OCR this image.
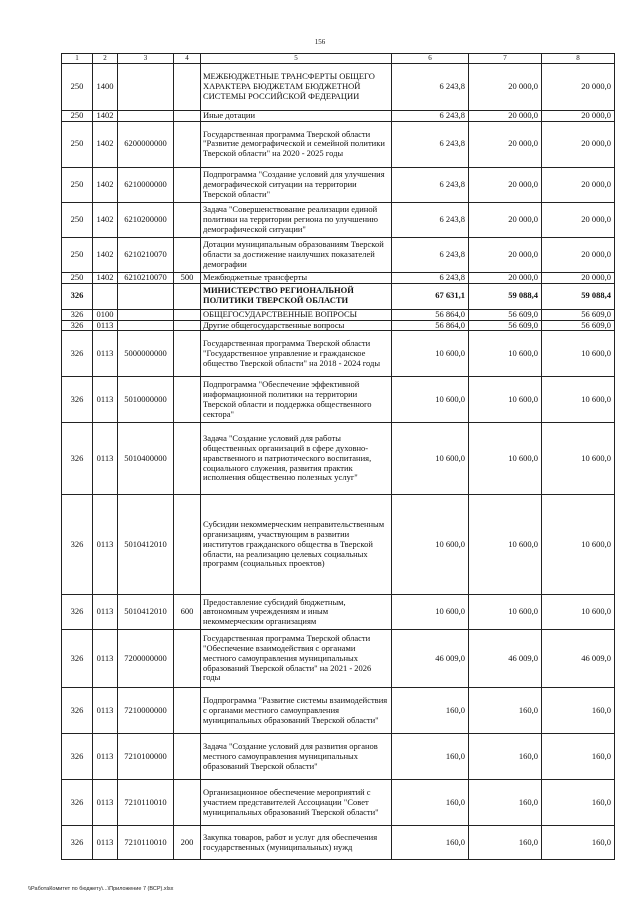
156
1	2	3	4	5	6	7	8
250	1400			МЕЖБЮДЖЕТНЫЕ ТРАНСФЕРТЫ ОБЩЕГО ХАРАКТЕРА БЮДЖЕТАМ БЮДЖЕТНОЙ СИСТЕМЫ РОССИЙСКОЙ ФЕДЕРАЦИИ	6 243,8	20 000,0	20 000,0
250	1402			Иные дотации	6 243,8	20 000,0	20 000,0
250	1402	6200000000		Государственная программа Тверской области "Развитие демографической и семейной политики Тверской области" на 2020 - 2025 годы	6 243,8	20 000,0	20 000,0
250	1402	6210000000		Подпрограмма "Создание условий для улучшения демографической ситуации на территории Тверской области"	6 243,8	20 000,0	20 000,0
250	1402	6210200000		Задача "Совершенствование реализации единой политики на территории региона по улучшению демографической ситуации"	6 243,8	20 000,0	20 000,0
250	1402	6210210070		Дотации муниципальным образованиям Тверской области за достижение наилучших показателей демографии	6 243,8	20 000,0	20 000,0
250	1402	6210210070	500	Межбюджетные трансферты	6 243,8	20 000,0	20 000,0
326				МИНИСТЕРСТВО РЕГИОНАЛЬНОЙ ПОЛИТИКИ ТВЕРСКОЙ ОБЛАСТИ	67 631,1	59 088,4	59 088,4
326	0100			ОБЩЕГОСУДАРСТВЕННЫЕ ВОПРОСЫ	56 864,0	56 609,0	56 609,0
326	0113			Другие общегосударственные вопросы	56 864,0	56 609,0	56 609,0
326	0113	5000000000		Государственная программа Тверской области "Государственное управление и гражданское общество Тверской области" на 2018 - 2024 годы	10 600,0	10 600,0	10 600,0
326	0113	5010000000		Подпрограмма "Обеспечение эффективной информационной политики на территории Тверской области и поддержка общественного сектора"	10 600,0	10 600,0	10 600,0
326	0113	5010400000		Задача "Создание условий для работы общественных организаций в сфере духовно-нравственного и патриотического воспитания, социального служения, развития практик исполнения общественно полезных услуг"	10 600,0	10 600,0	10 600,0
326	0113	5010412010		Субсидии некоммерческим неправительственным организациям, участвующим в развитии институтов гражданского общества в Тверской области, на реализацию целевых социальных программ (социальных проектов)	10 600,0	10 600,0	10 600,0
326	0113	5010412010	600	Предоставление субсидий бюджетным, автономным учреждениям и иным некоммерческим организациям	10 600,0	10 600,0	10 600,0
326	0113	7200000000		Государственная программа Тверской области "Обеспечение взаимодействия с органами местного самоуправления муниципальных образований Тверской области" на 2021 - 2026 годы	46 009,0	46 009,0	46 009,0
326	0113	7210000000		Подпрограмма "Развитие системы взаимодействия с органами местного самоуправления муниципальных образований Тверской области"	160,0	160,0	160,0
326	0113	7210100000		Задача "Создание условий для развития органов местного самоуправления муниципальных образований Тверской области"	160,0	160,0	160,0
326	0113	7210110010		Организационное обеспечение мероприятий с участием представителей Ассоциации "Совет муниципальных образований Тверской области"	160,0	160,0	160,0
326	0113	7210110010	200	Закупка товаров, работ и услуг для обеспечения государственных (муниципальных) нужд	160,0	160,0	160,0
\\РаботаКомитет по бюджету\...\Приложение 7 (ВСР).xlsx
